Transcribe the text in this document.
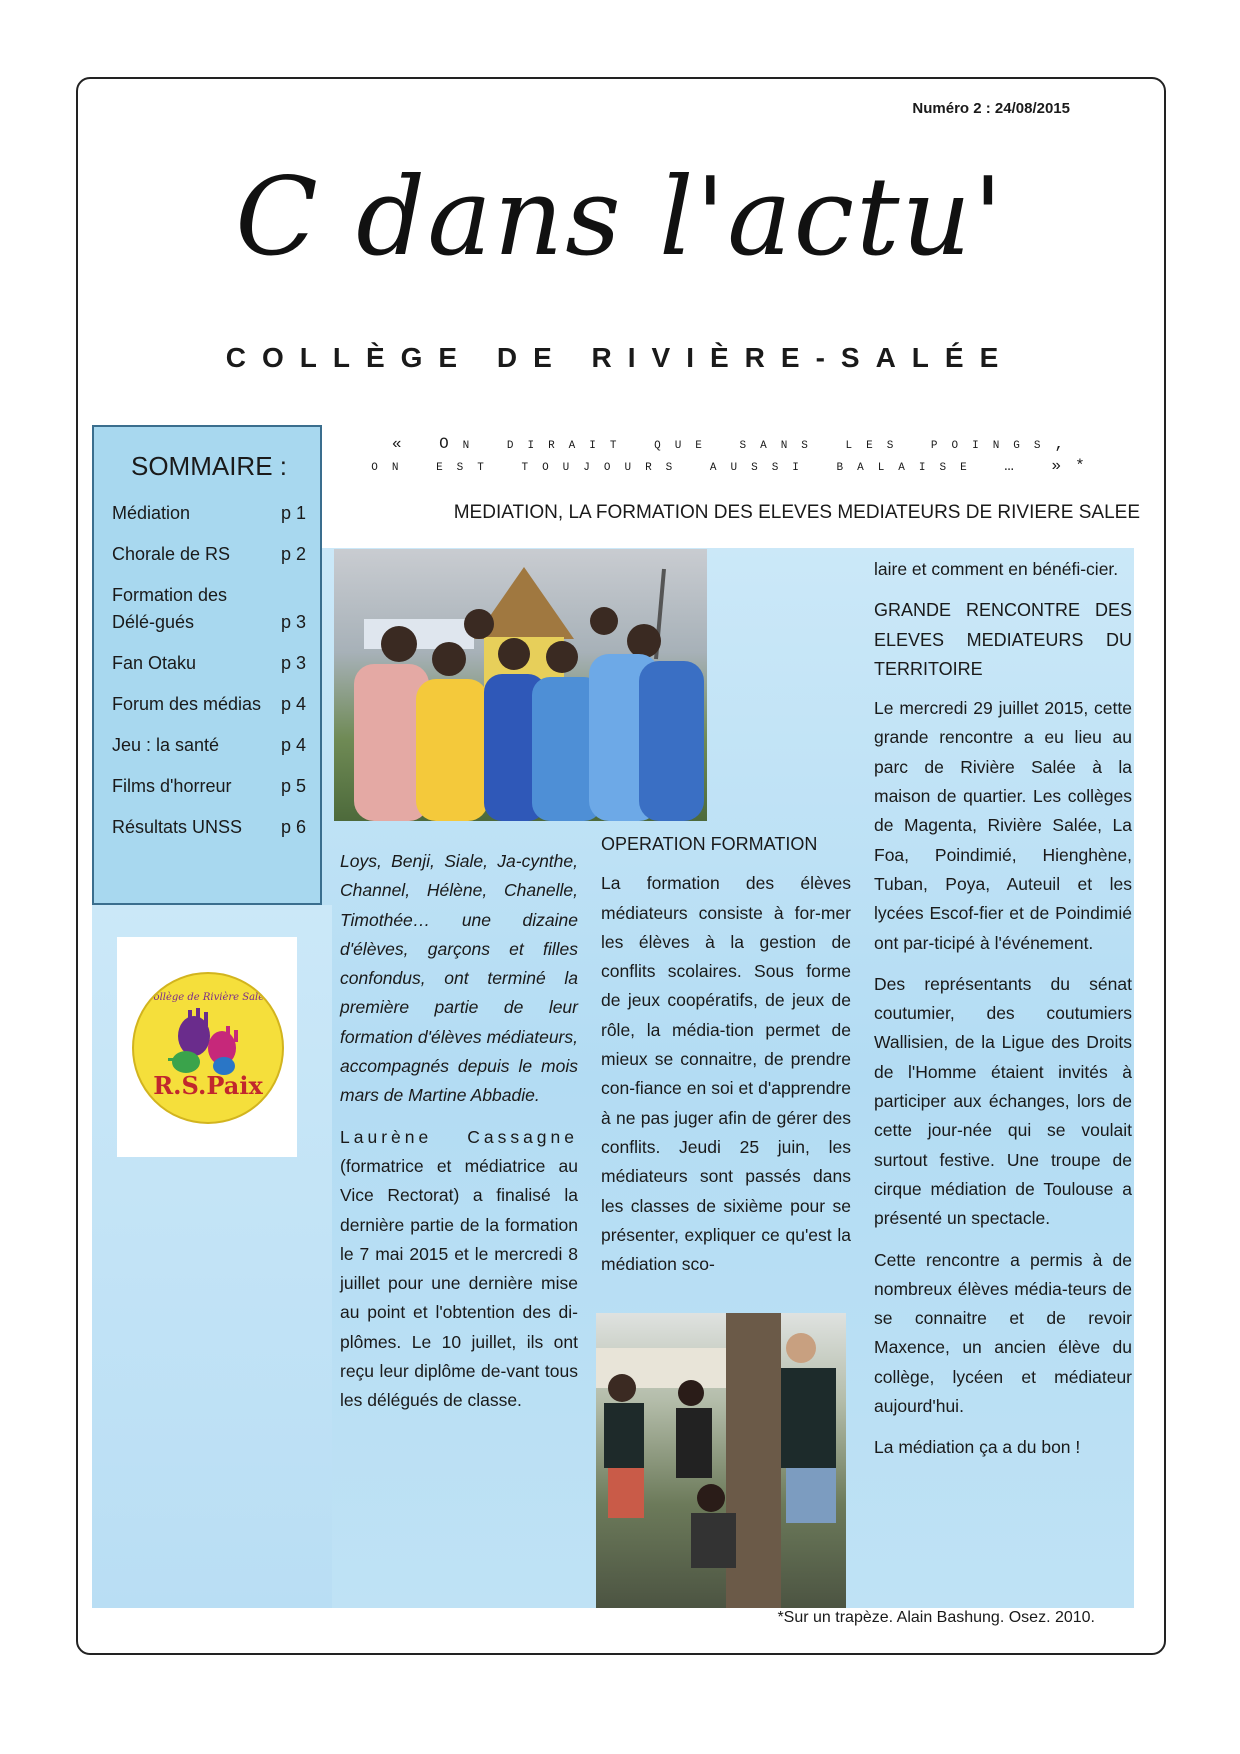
Numéro 2 : 24/08/2015
C dans l'actu'
COLLÈGE DE RIVIÈRE-SALÉE
SOMMAIRE :
Médiation	p 1
Chorale de RS	p 2
Formation des Délé-gués	p 3
Fan Otaku	p 3
Forum des médias	p 4
Jeu : la santé	p 4
Films d'horreur	p 5
Résultats UNSS	p 6
Collège de Rivière Salée
R.S.Paix
« On dirait que sans les poings,
on est toujours aussi balaise … »*
MEDIATION, LA FORMATION DES ELEVES MEDIATEURS DE RIVIERE SALEE

Loys, Benji, Siale, Ja-cynthe, Channel, Hélène, Chanelle, Timothée… une dizaine d'élèves, garçons et filles confondus, ont terminé la première partie de leur formation d'élèves médiateurs, accompagnés depuis le mois mars de Martine Abbadie.

Laurène Cassagne (formatrice et médiatrice au Vice Rectorat) a finalisé la dernière partie de la formation le 7 mai 2015 et le mercredi 8 juillet pour une dernière mise au point et l'obtention des di-plômes. Le 10 juillet, ils ont reçu leur diplôme de-vant tous les délégués de classe.

OPERATION FORMATION

La formation des élèves médiateurs consiste à for-mer les élèves à la gestion de conflits scolaires. Sous forme de jeux coopératifs, de jeux de rôle, la média-tion permet de mieux se connaitre, de prendre con-fiance en soi et d'apprendre à ne pas juger afin de gérer des conflits. Jeudi 25 juin, les médiateurs sont passés dans les classes de sixième pour se présenter, expliquer ce qu'est la médiation sco-

laire et comment en bénéfi-cier.

GRANDE RENCONTRE DES ELEVES MEDIATEURS DU TERRITOIRE

Le mercredi 29 juillet 2015, cette grande rencontre a eu lieu au parc de Rivière Salée à la maison de quartier. Les collèges de Magenta, Rivière Salée, La Foa, Poindimié, Hienghène, Tuban, Poya, Auteuil et les lycées Escof-fier et de Poindimié ont par-ticipé à l'événement.

Des représentants du sénat coutumier, des coutumiers Wallisien, de la Ligue des Droits de l'Homme étaient invités à participer aux échanges, lors de cette jour-née qui se voulait surtout festive. Une troupe de cirque médiation de Toulouse a présenté un spectacle.

Cette rencontre a permis à de nombreux élèves média-teurs de se connaitre et de revoir Maxence, un ancien élève du collège, lycéen et médiateur aujourd'hui.

La médiation ça a du bon !

*Sur un trapèze. Alain Bashung. Osez. 2010.
